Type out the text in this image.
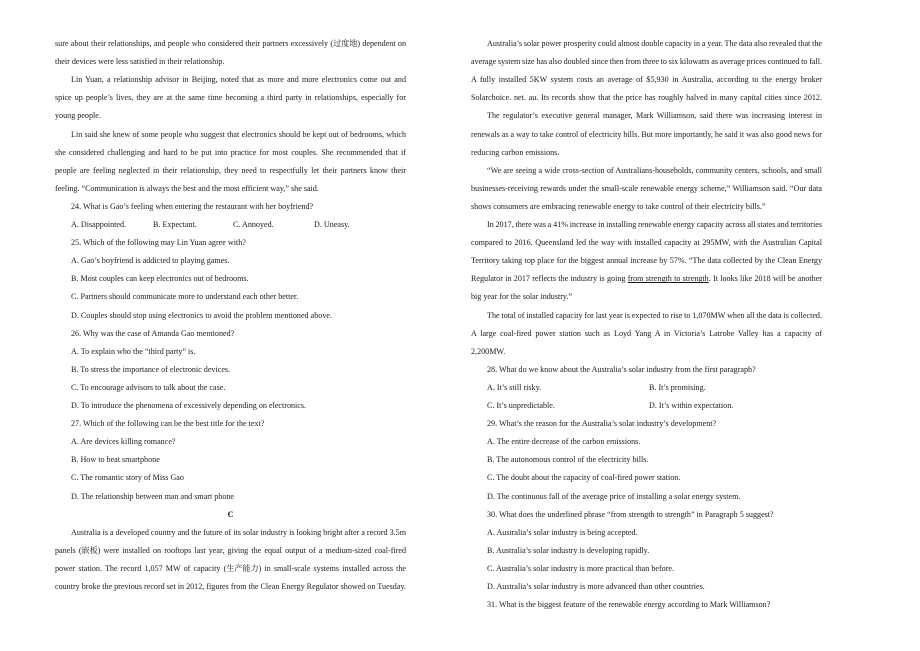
sure about their relationships, and people who considered their partners excessively (过度地) dependent on
their devices were less satisfied in their relationship.
Lin Yuan, a relationship advisor in Beijing, noted that as more and more electronics come out and
spice up people’s lives, they are at the same time becoming a third party in relationships, especially for
young people.
Lin said she knew of some people who suggest that electronics should be kept out of bedrooms, which
she considered challenging and hard to be put into practice for most couples. She recommended that if
people are feeling neglected in their relationship, they need to respectfully let their partners know their
feeling. “Communication is always the best and the most efficient way,” she said.
24. What is Gao’s feeling when entering the restaurant with her boyfriend?
A. Disappointed.	B. Expectant.	C. Annoyed.	D. Uneasy.
25. Which of the following may Lin Yuan agree with?
A. Gao’s boyfriend is addicted to playing games.
B. Most couples can keep electronics out of bedrooms.
C. Partners should communicate more to understand each other better.
D. Couples should stop using electronics to avoid the problem mentioned above.
26. Why was the case of Amanda Gao mentioned?
A. To explain who the “third party” is.
B. To stress the importance of electronic devices.
C. To encourage advisors to talk about the case.
D. To introduce the phenomena of excessively depending on electronics.
27. Which of the following can be the best title for the text?
A. Are devices killing romance?
B. How to beat smartphone
C. The romantic story of Miss Gao
D. The relationship between man and smart phone
C
Australia is a developed country and the future of its solar industry is looking bright after a record 3.5m
panels (嵌板) were installed on rooftops last year, giving the equal output of a medium-sized coal-fired
power station. The record 1,057 MW of capacity (生产能力) in small-scale systems installed across the
country broke the previous record set in 2012, figures from the Clean Energy Regulator showed on Tuesday.
Australia’s solar power prosperity could almost double capacity in a year. The data also revealed that the
average system size has also doubled since then from three to six kilowatts as average prices continued to fall.
A fully installed 5KW system costs an average of $5,930 in Australia, according to the energy broker
Solarchoice. net. au. Its records show that the price has roughly halved in many capital cities since 2012.
The regulator’s executive general manager, Mark Williamson, said there was increasing interest in
renewals as a way to take control of electricity bills. But more importantly, he said it was also good news for
reducing carbon emissions.
“We are seeing a wide cross-section of Australians-households, community centers, schools, and small
businesses-receiving rewards under the small-scale renewable energy scheme,” Williamson said. “Our data
shows consumers are embracing renewable energy to take control of their electricity bills.”
In 2017, there was a 41% increase in installing renewable energy capacity across all states and territories
compared to 2016. Queensland led the way with installed capacity at 295MW, with the Australian Capital
Territory taking top place for the biggest annual increase by 57%. “The data collected by the Clean Energy
Regulator in 2017 reflects the industry is going from strength to strength. It looks like 2018 will be another
big year for the solar industry.”
The total of installed capacity for last year is expected to rise to 1,070MW when all the data is collected.
A large coal-fired power station such as Loyd Yang A in Victoria’s Latrobe Valley has a capacity of
2,200MW.
28. What do we know about the Australia’s solar industry from the first paragraph?
A. It’s still risky.	B. It’s promising.
C. It’s unpredictable.	D. It’s within expectation.
29. What’s the reason for the Australia’s solar industry’s development?
A. The entire decrease of the carbon emissions.
B. The autonomous control of the electricity bills.
C. The doubt about the capacity of coal-fired power station.
D. The continuous fall of the average price of installing a solar energy system.
30. What does the underlined phrase “from strength to strength” in Paragraph 5 suggest?
A. Australia’s solar industry is being accepted.
B. Australia’s solar industry is developing rapidly.
C. Australia’s solar industry is more practical than before.
D. Australia’s solar industry is more advanced than other countries.
31. What is the biggest feature of the renewable energy according to Mark Williamson?
